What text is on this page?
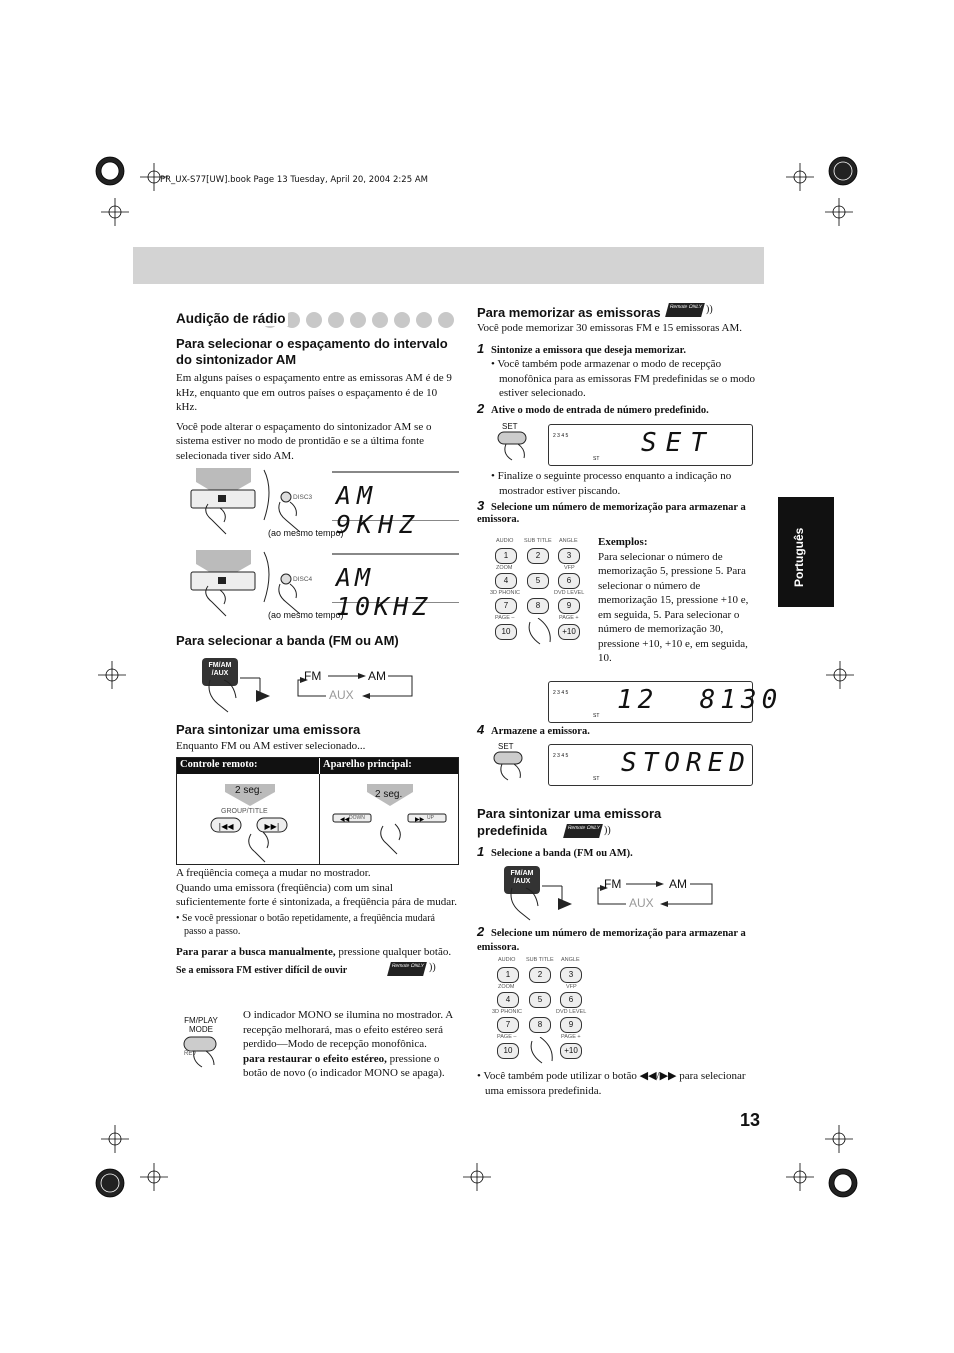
PR_UX-S77[UW].book Page 13 Tuesday, April 20, 2004 2:25 AM
Português
Audição de rádio
Para selecionar o espaçamento do intervalo do sintonizador AM

Em alguns países o espaçamento entre as emissoras AM é de 9 kHz, enquanto que em outros países o espaçamento é de 10 kHz.

Você pode alterar o espaçamento do sintonizador AM se o sistema estiver no modo de prontidão e se a última fonte selecionada tiver sido AM.

DISC3 AM 9KHZ
(ao mesmo tempo)
DISC4 AM 10KHZ
(ao mesmo tempo)
Para selecionar a banda (FM ou AM)
FM/AM /AUX	FM	AM
AUX
Para sintonizar uma emissora

Enquanto FM ou AM estiver selecionado...

Controle remoto:	Aparelho principal:
|◀◀	▶▶|
◀◀	▶▶
2 seg.
GROUP/TITLE
2 seg.
DOWN	UP

A freqüência começa a mudar no mostrador.

Quando uma emissora (freqüência) com um sinal suficientemente forte é sintonizada, a freqüência pára de mudar.

• Se você pressionar o botão repetidamente, a freqüência mudará passo a passo.

Para parar a busca manualmente, pressione qualquer botão.

Se a emissora FM estiver difícil de ouvir	Remote ONLY ))
FM/PLAY MODE
REV

O indicador MONO se ilumina no mostrador. A recepção melhorará, mas o efeito estéreo será perdido—Modo de recepção monofônica.

para restaurar o efeito estéreo, pressione o botão de novo (o indicador MONO se apaga).

Para memorizar as emissoras	Remote ONLY ))

Você pode memorizar 30 emissoras FM e 15 emissoras AM.

1 Sintonize a emissora que deseja memorizar.

• Você também pode armazenar o modo de recepção monofônica para as emissoras FM predefinidas se o modo estiver selecionado.

2 Ative o modo de entrada de número predefinido.
SET
2 3 4 5
ST
SET

• Finalize o seguinte processo enquanto a indicação no mostrador estiver piscando.

3 Selecione um número de memorização para armazenar a emissora.
AUDIO SUB TITLE ANGLE
1	2	3
ZOOM	VFP
4	5	6
3D PHONIC	DVD LEVEL
7	8	9
PAGE –	PAGE +
10	+10
Exemplos:

Para selecionar o número de memorização 5, pressione 5. Para selecionar o número de memorização 15, pressione +10 e, em seguida, 5. Para selecionar o número de memorização 30, pressione +10, +10 e, em seguida, 10.

2 3 4 5
ST
12  8130
4 Armazene a emissora.
SET
2 3 4 5
ST
STORED
Para sintonizar uma emissora predefinida	Remote ONLY ))
1 Selecione a banda (FM ou AM).
FM/AM /AUX	FM	AM
AUX
2 Selecione um número de memorização para armazenar a emissora.
AUDIO SUB TITLE ANGLE
1	2	3
ZOOM	VFP
4	5	6
3D PHONIC	DVD LEVEL
7	8	9
PAGE –	PAGE +
10	+10

• Você também pode utilizar o botão ◀◀/▶▶ para selecionar uma emissora predefinida.

13
